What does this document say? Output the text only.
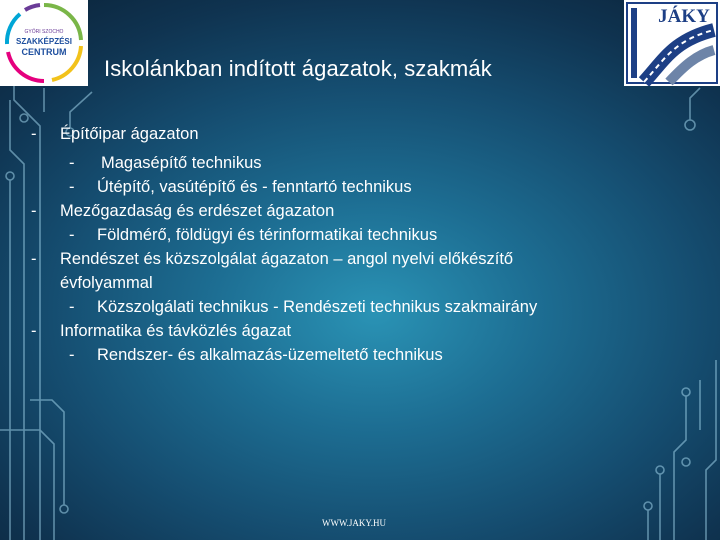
GYŐRI SZOCHO
SZAKKÉPZÉSI
CENTRUM
JÁKY
Iskolánkban indított ágazatok, szakmák
- Építőipar ágazaton
- Magasépítő technikus
- Útépítő, vasútépítő és - fenntartó technikus
- Mezőgazdaság és erdészet ágazaton
- Földmérő, földügyi és térinformatikai technikus
- Rendészet és közszolgálat ágazaton – angol nyelvi előkészítő
évfolyammal
- Közszolgálati technikus - Rendészeti technikus szakmairány
- Informatika és távközlés ágazat
- Rendszer- és alkalmazás-üzemeltető technikus
WWW.JAKY.HU
